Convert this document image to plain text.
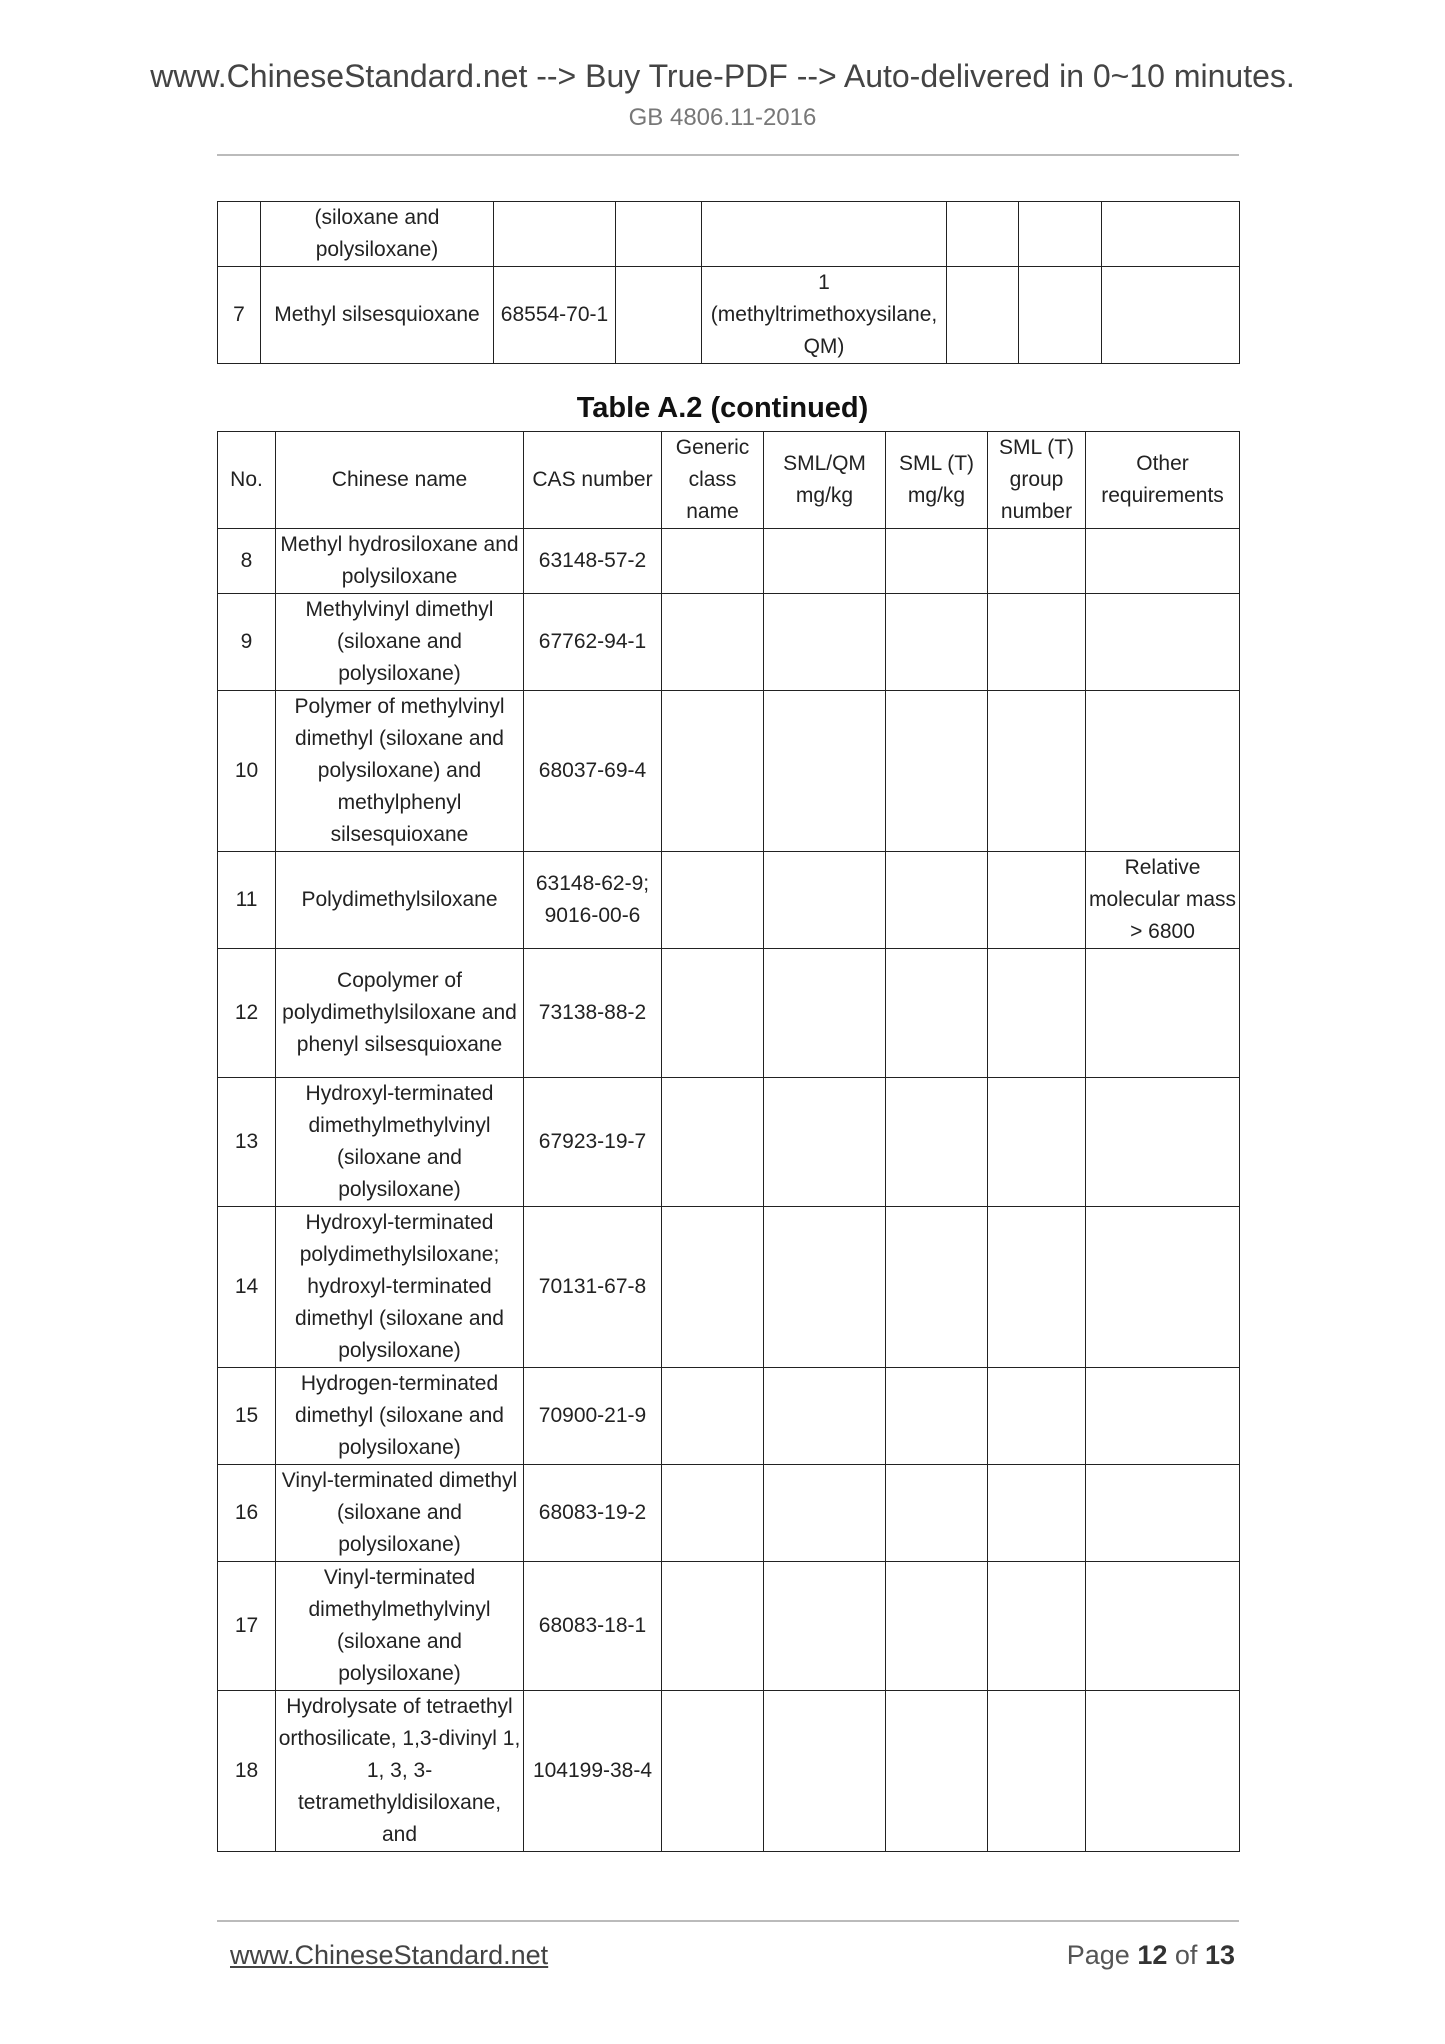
www.ChineseStandard.net --> Buy True-PDF --> Auto-delivered in 0~10 minutes.
GB 4806.11-2016
	(siloxane and polysiloxane)						
7	Methyl silsesquioxane	68554-70-1		1 (methyltrimethoxysilane, QM)			
Table A.2 (continued)
No.	Chinese name	CAS number	Generic class name	SML/QM mg/kg	SML (T) mg/kg	SML (T) group number	Other requirements
8	Methyl hydrosiloxane and polysiloxane	63148-57-2					
9	Methylvinyl dimethyl (siloxane and polysiloxane)	67762-94-1					
10	Polymer of methylvinyl dimethyl (siloxane and polysiloxane) and methylphenyl silsesquioxane	68037-69-4					
11	Polydimethylsiloxane	63148-62-9; 9016-00-6					Relative molecular mass > 6800
12	Copolymer of polydimethylsiloxane and phenyl silsesquioxane	73138-88-2					
13	Hydroxyl-terminated dimethylmethylvinyl (siloxane and polysiloxane)	67923-19-7					
14	Hydroxyl-terminated polydimethylsiloxane; hydroxyl-terminated dimethyl (siloxane and polysiloxane)	70131-67-8					
15	Hydrogen-terminated dimethyl (siloxane and polysiloxane)	70900-21-9					
16	Vinyl-terminated dimethyl (siloxane and polysiloxane)	68083-19-2					
17	Vinyl-terminated dimethylmethylvinyl (siloxane and polysiloxane)	68083-18-1					
18	Hydrolysate of tetraethyl orthosilicate, 1,3-divinyl 1, 1, 3, 3-tetramethyldisiloxane, and	104199-38-4					
www.ChineseStandard.net	Page 12 of 13
